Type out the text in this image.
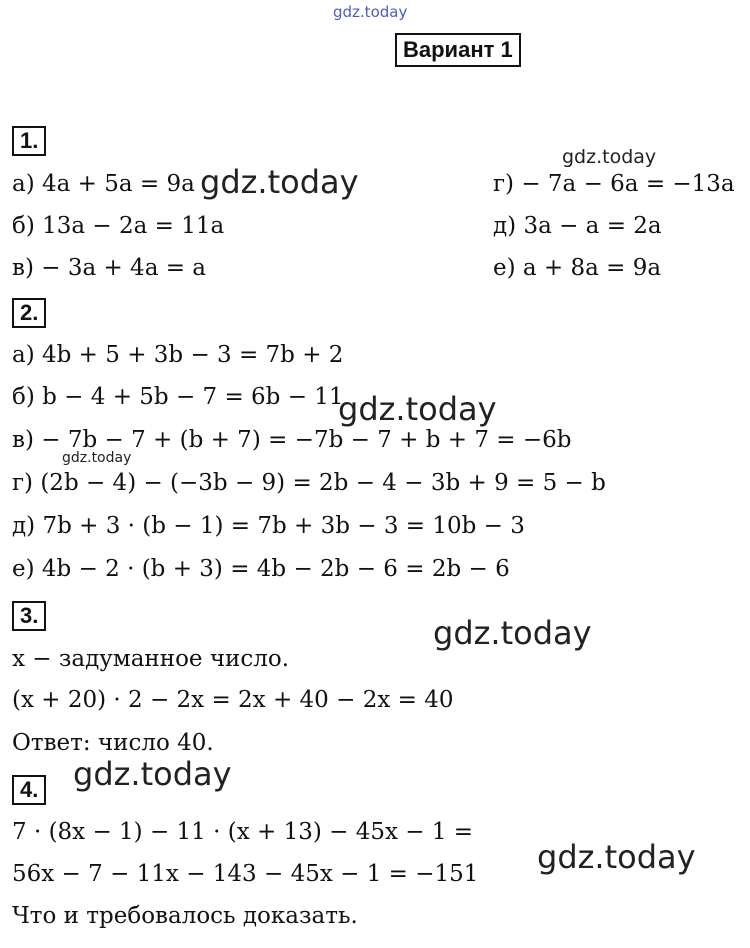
gdz.today
Вариант 1
1.
а) 4a + 5a = 9a
б) 13a − 2a = 11a
в) − 3a + 4a = a
г) − 7a − 6a = −13a
д) 3a − a = 2a
е) a + 8a = 9a
2.
а) 4b + 5 + 3b − 3 = 7b + 2
б) b − 4 + 5b − 7 = 6b − 11
в) − 7b − 7 + (b + 7) = −7b − 7 + b + 7 = −6b
г) (2b − 4) − (−3b − 9) = 2b − 4 − 3b + 9 = 5 − b
д) 7b + 3 · (b − 1) = 7b + 3b − 3 = 10b − 3
е) 4b − 2 · (b + 3) = 4b − 2b − 6 = 2b − 6
3.
x − задуманное число.
(x + 20) · 2 − 2x = 2x + 40 − 2x = 40
Ответ: число 40.
4.
7 · (8x − 1) − 11 · (x + 13) − 45x − 1 =
56x − 7 − 11x − 143 − 45x − 1 = −151
Что и требовалось доказать.
gdz.today
gdz.today
gdz.today
gdz.today
gdz.today
gdz.today
gdz.today
